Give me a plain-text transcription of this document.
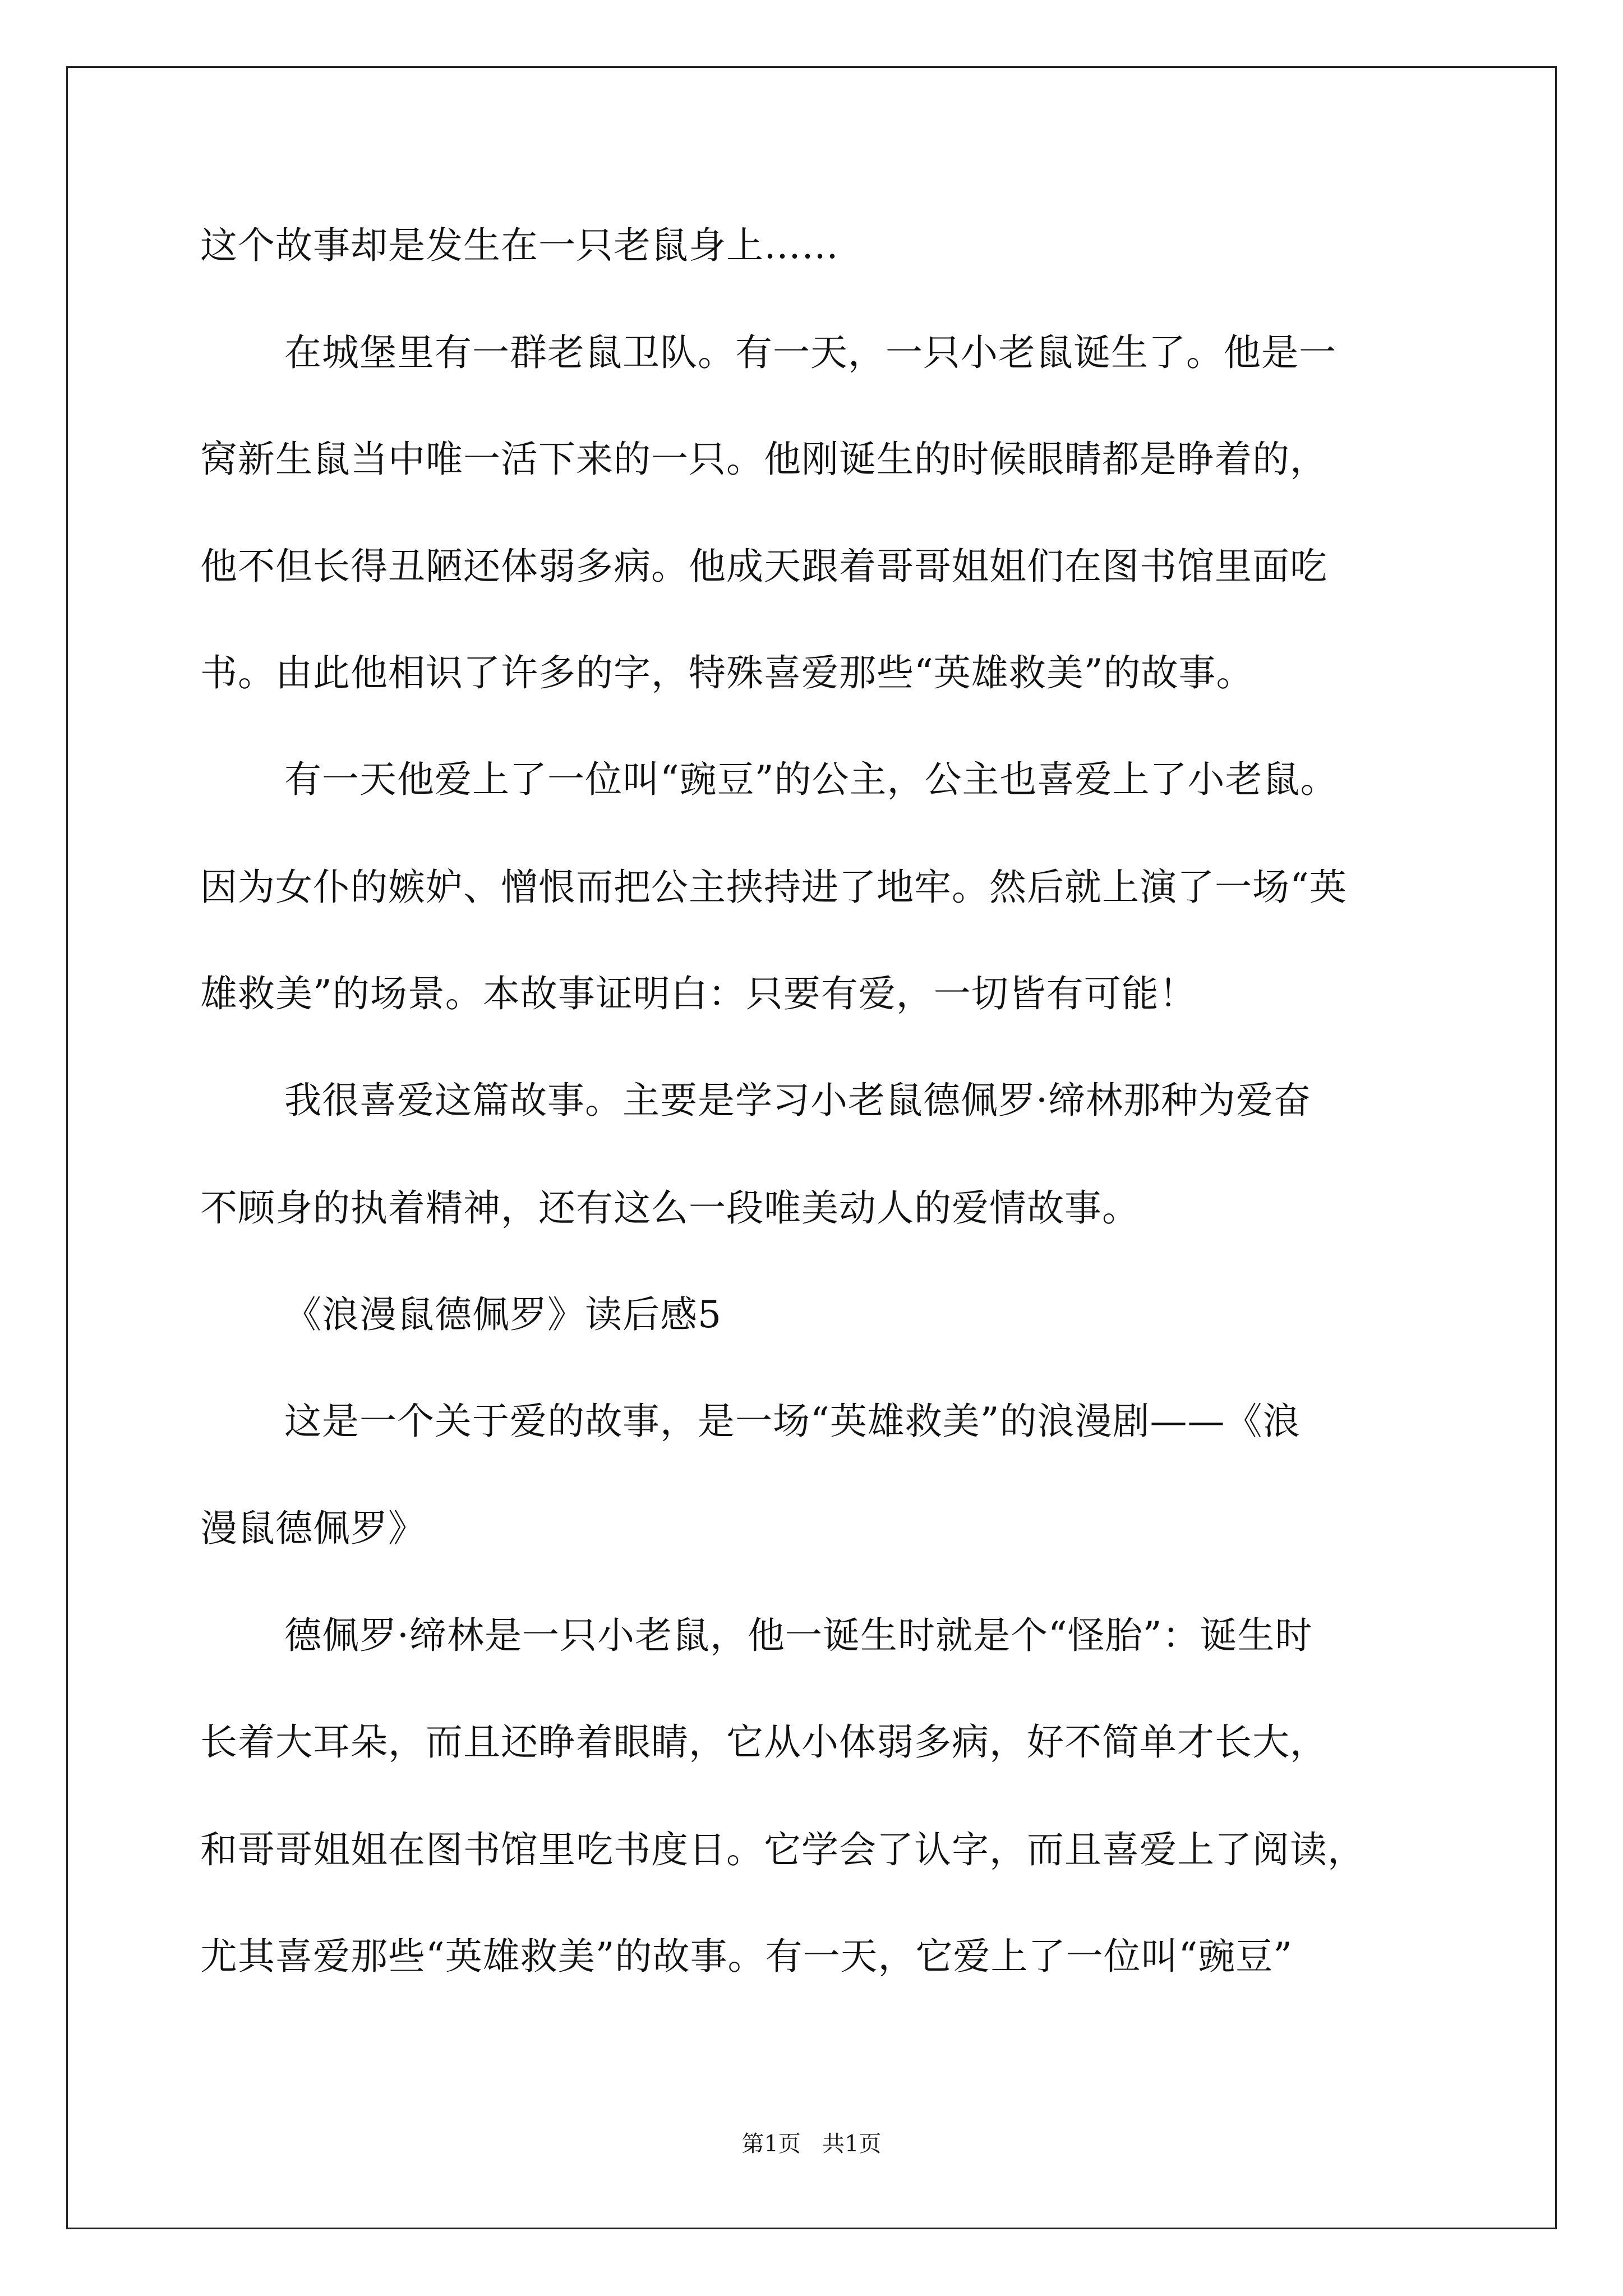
这个故事却是发生在一只老鼠身上……
在城堡里有一群老鼠卫队。有一天，一只小老鼠诞生了。他是一
窝新生鼠当中唯一活下来的一只。他刚诞生的时候眼睛都是睁着的，
他不但长得丑陋还体弱多病。他成天跟着哥哥姐姐们在图书馆里面吃
书。由此他相识了许多的字，特殊喜爱那些“英雄救美”的故事。
有一天他爱上了一位叫“豌豆”的公主，公主也喜爱上了小老鼠。
因为女仆的嫉妒、憎恨而把公主挟持进了地牢。然后就上演了一场“英
雄救美”的场景。本故事证明白：只要有爱，一切皆有可能！
我很喜爱这篇故事。主要是学习小老鼠德佩罗·缔林那种为爱奋
不顾身的执着精神，还有这么一段唯美动人的爱情故事。
《浪漫鼠德佩罗》读后感5
这是一个关于爱的故事，是一场“英雄救美”的浪漫剧——《浪
漫鼠德佩罗》
德佩罗·缔林是一只小老鼠，他一诞生时就是个“怪胎”：诞生时
长着大耳朵，而且还睁着眼睛，它从小体弱多病，好不简单才长大，
和哥哥姐姐在图书馆里吃书度日。它学会了认字，而且喜爱上了阅读，
尤其喜爱那些“英雄救美”的故事。有一天，它爱上了一位叫“豌豆”
第1页   共1页
